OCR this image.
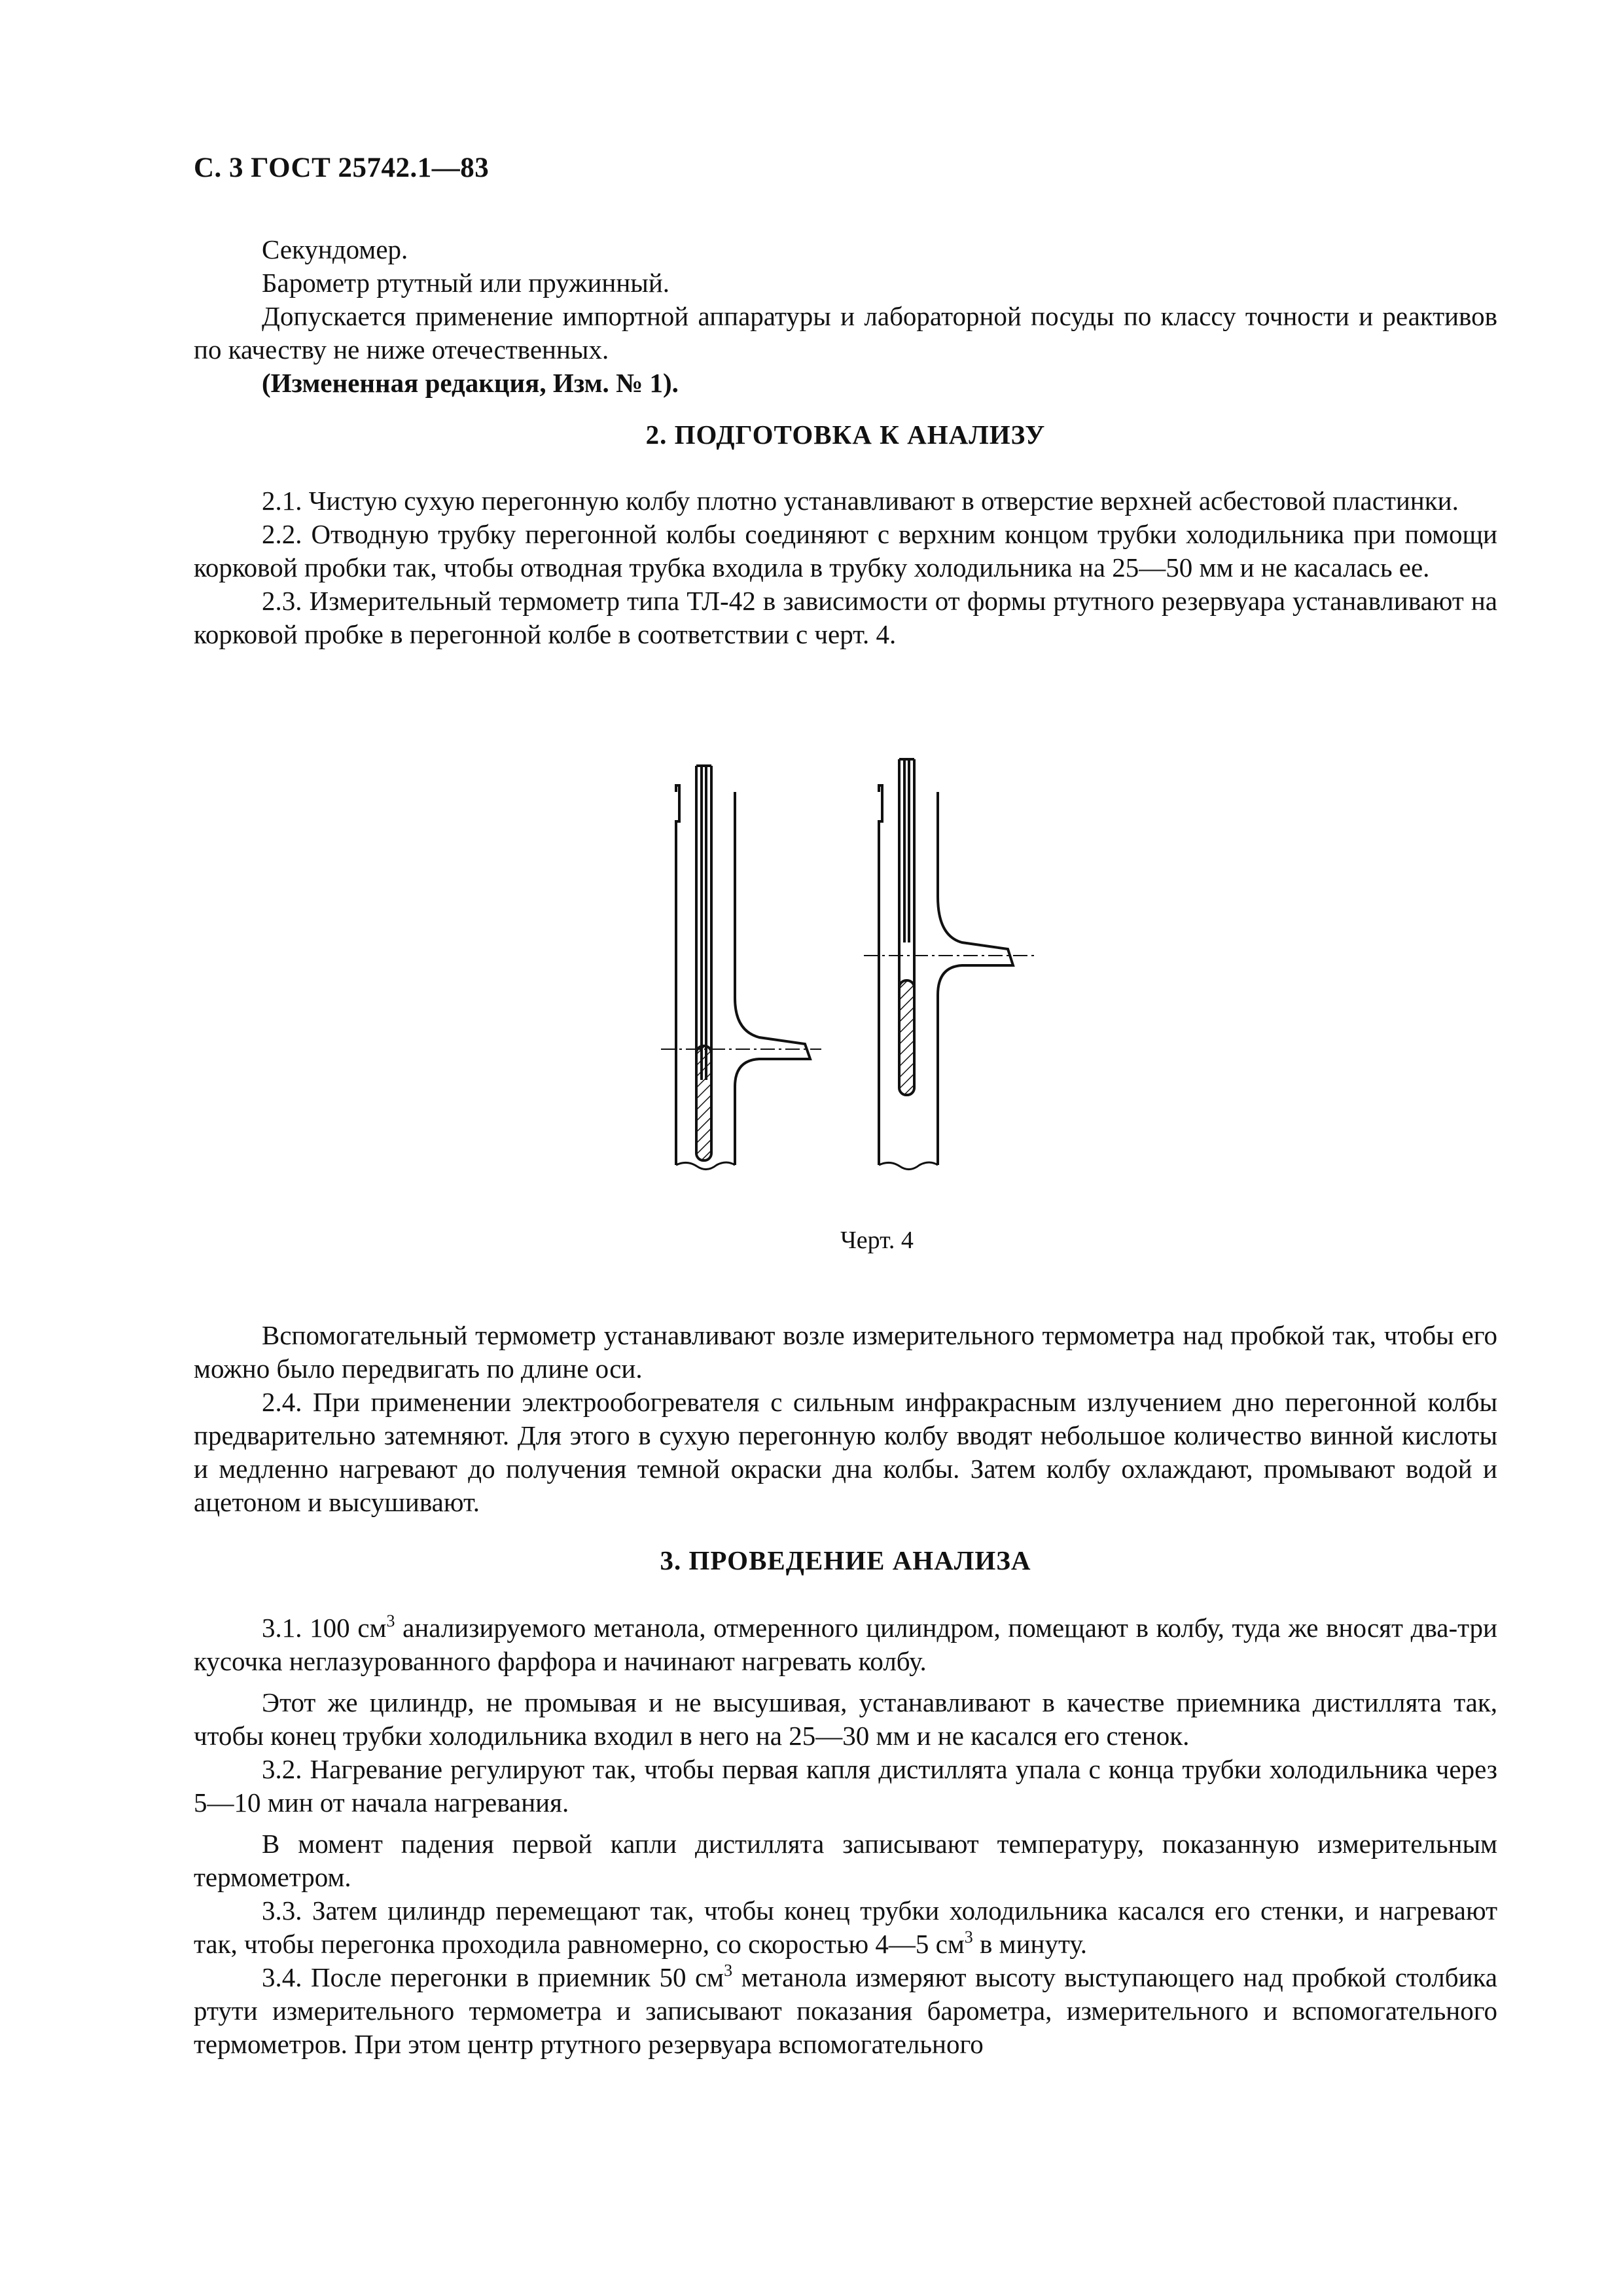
С. 3 ГОСТ 25742.1—83

Секундомер.

Барометр ртутный или пружинный.

Допускается применение импортной аппаратуры и лабораторной посуды по классу точности и реактивов по качеству не ниже отечественных.

(Измененная редакция, Изм. № 1).

2. ПОДГОТОВКА К АНАЛИЗУ

2.1. Чистую сухую перегонную колбу плотно устанавливают в отверстие верхней асбестовой пластинки.

2.2. Отводную трубку перегонной колбы соединяют с верхним концом трубки холодильника при помощи корковой пробки так, чтобы отводная трубка входила в трубку холодильника на 25—50 мм и не касалась ее.

2.3. Измерительный термометр типа ТЛ-42 в зависимости от формы ртутного резервуара устанавливают на корковой пробке в перегонной колбе в соответствии с черт. 4.

Черт. 4

Вспомогательный термометр устанавливают возле измерительного термометра над пробкой так, чтобы его можно было передвигать по длине оси.

2.4. При применении электрообогревателя с сильным инфракрасным излучением дно перегонной колбы предварительно затемняют. Для этого в сухую перегонную колбу вводят небольшое количество винной кислоты и медленно нагревают до получения темной окраски дна колбы. Затем колбу охлаждают, промывают водой и ацетоном и высушивают.

3. ПРОВЕДЕНИЕ АНАЛИЗА

3.1. 100 $см^3$ анализируемого метанола, отмеренного цилиндром, помещают в колбу, туда же вносят два-три кусочка неглазурованного фарфора и начинают нагревать колбу.

Этот же цилиндр, не промывая и не высушивая, устанавливают в качестве приемника дистиллята так, чтобы конец трубки холодильника входил в него на 25—30 мм и не касался его стенок.

3.2. Нагревание регулируют так, чтобы первая капля дистиллята упала с конца трубки холодильника через 5—10 мин от начала нагревания.

В момент падения первой капли дистиллята записывают температуру, показанную измерительным термометром.

3.3. Затем цилиндр перемещают так, чтобы конец трубки холодильника касался его стенки, и нагревают так, чтобы перегонка проходила равномерно, со скоростью 4—5 $см^3$ в минуту.

3.4. После перегонки в приемник 50 $см^3$ метанола измеряют высоту выступающего над пробкой столбика ртути измерительного термометра и записывают показания барометра, измерительного и вспомогательного термометров. При этом центр ртутного резервуара вспомогательного
